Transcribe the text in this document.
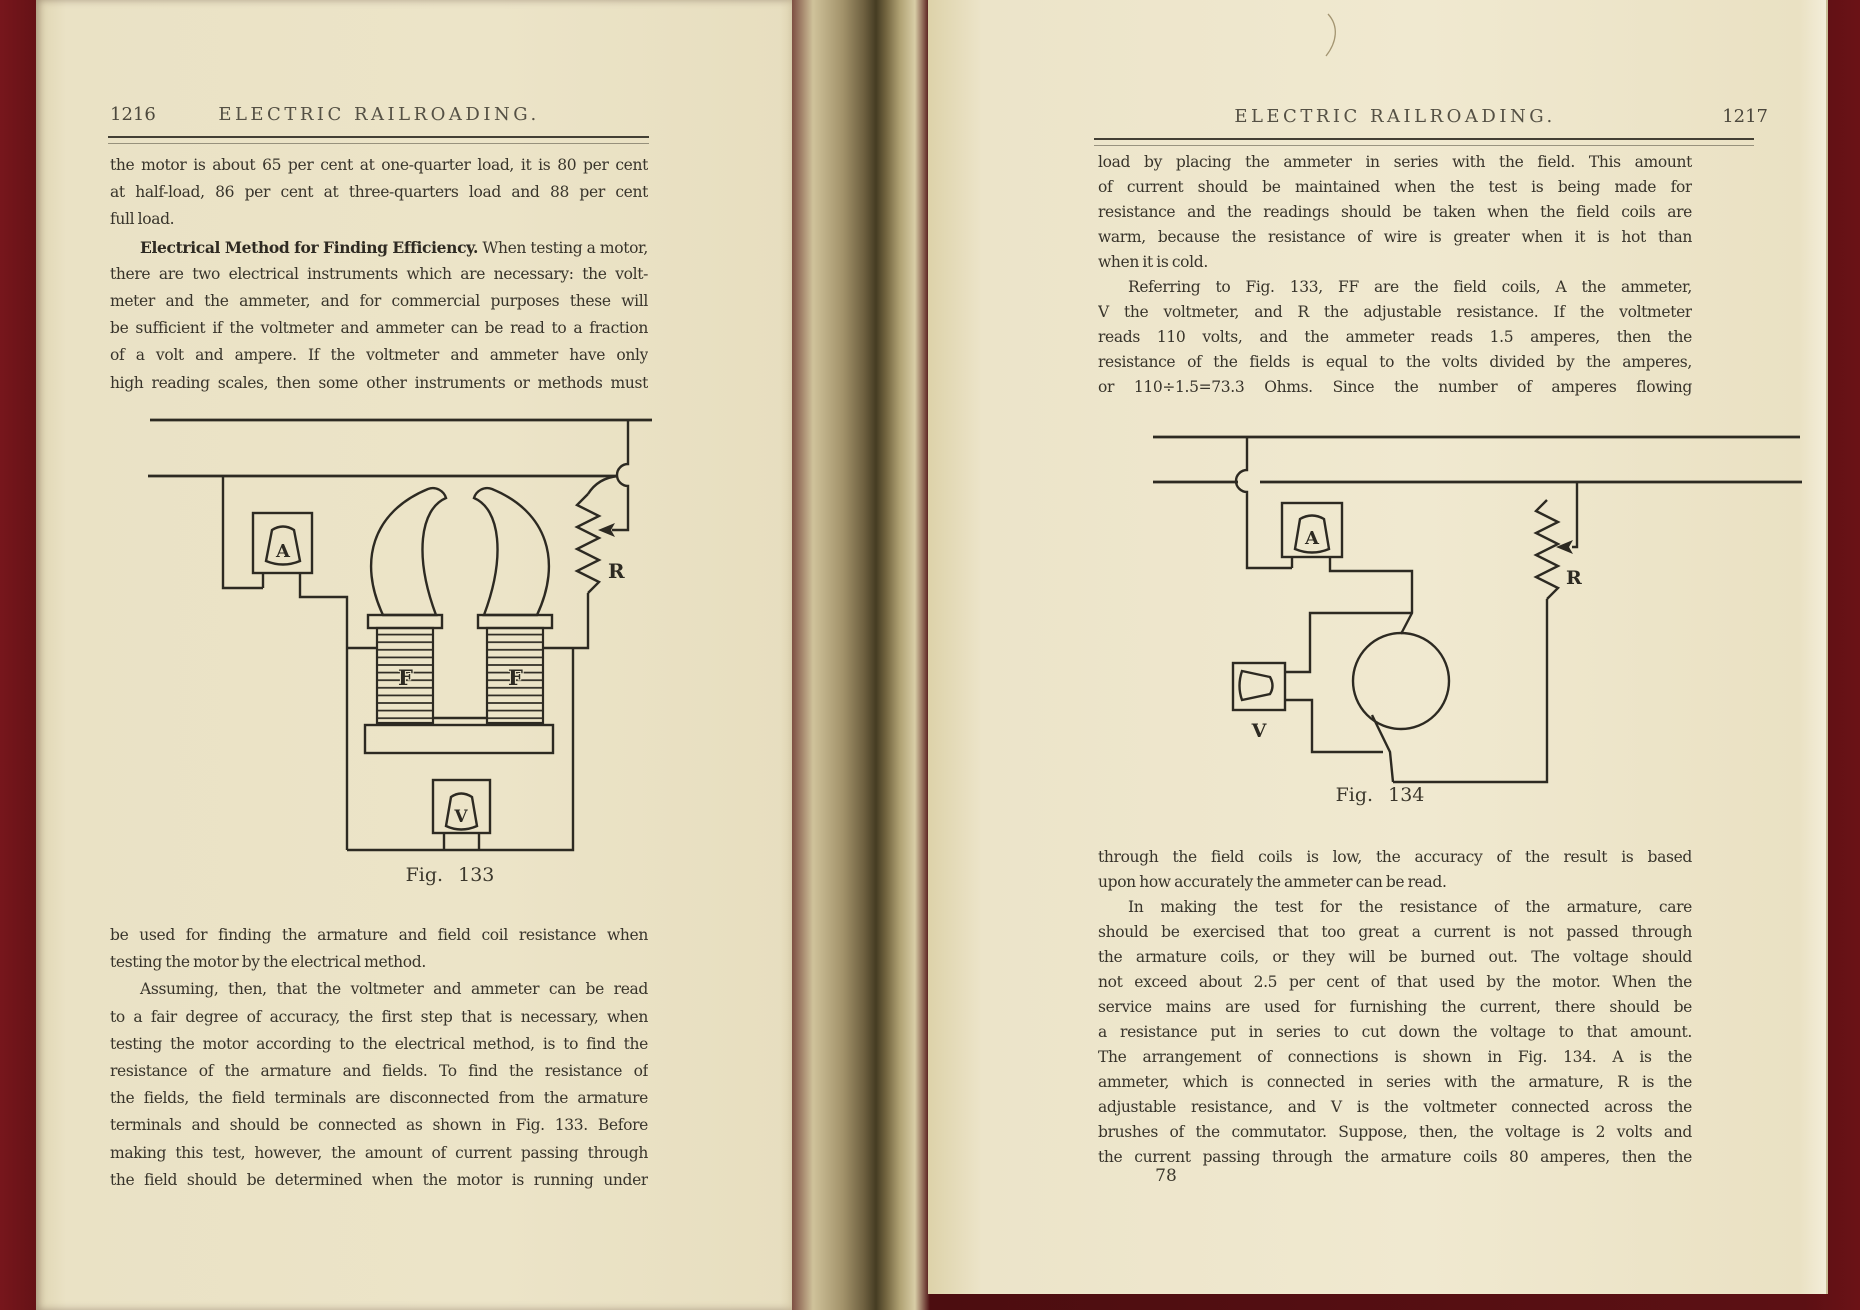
1216	ELECTRIC RAILROADING.
the motor is about 65 per cent at one-quarter load, it is 80 per cent
at half-load, 86 per cent at three-quarters load and 88 per cent
full load.
Electrical Method for Finding Efficiency. When testing a motor,
there are two electrical instruments which are necessary: the volt-
meter and the ammeter, and for commercial purposes these will
be sufficient if the voltmeter and ammeter can be read to a fraction
of a volt and ampere. If the voltmeter and ammeter have only
high reading scales, then some other instruments or methods must
R
A
F	F
V
Fig. 133
be used for finding the armature and field coil resistance when
testing the motor by the electrical method.
Assuming, then, that the voltmeter and ammeter can be read
to a fair degree of accuracy, the first step that is necessary, when
testing the motor according to the electrical method, is to find the
resistance of the armature and fields. To find the resistance of
the fields, the field terminals are disconnected from the armature
terminals and should be connected as shown in Fig. 133. Before
making this test, however, the amount of current passing through
the field should be determined when the motor is running under
ELECTRIC RAILROADING.	1217
load by placing the ammeter in series with the field. This amount
of current should be maintained when the test is being made for
resistance and the readings should be taken when the field coils are
warm, because the resistance of wire is greater when it is hot than
when it is cold.
Referring to Fig. 133, FF are the field coils, A the ammeter,
V the voltmeter, and R the adjustable resistance. If the voltmeter
reads 110 volts, and the ammeter reads 1.5 amperes, then the
resistance of the fields is equal to the volts divided by the amperes,
or 110÷1.5=73.3 Ohms. Since the number of amperes flowing
A
V
R
Fig. 134
through the field coils is low, the accuracy of the result is based
upon how accurately the ammeter can be read.
In making the test for the resistance of the armature, care
should be exercised that too great a current is not passed through
the armature coils, or they will be burned out. The voltage should
not exceed about 2.5 per cent of that used by the motor. When the
service mains are used for furnishing the current, there should be
a resistance put in series to cut down the voltage to that amount.
The arrangement of connections is shown in Fig. 134. A is the
ammeter, which is connected in series with the armature, R is the
adjustable resistance, and V is the voltmeter connected across the
brushes of the commutator. Suppose, then, the voltage is 2 volts and
the current passing through the armature coils 80 amperes, then the
78
